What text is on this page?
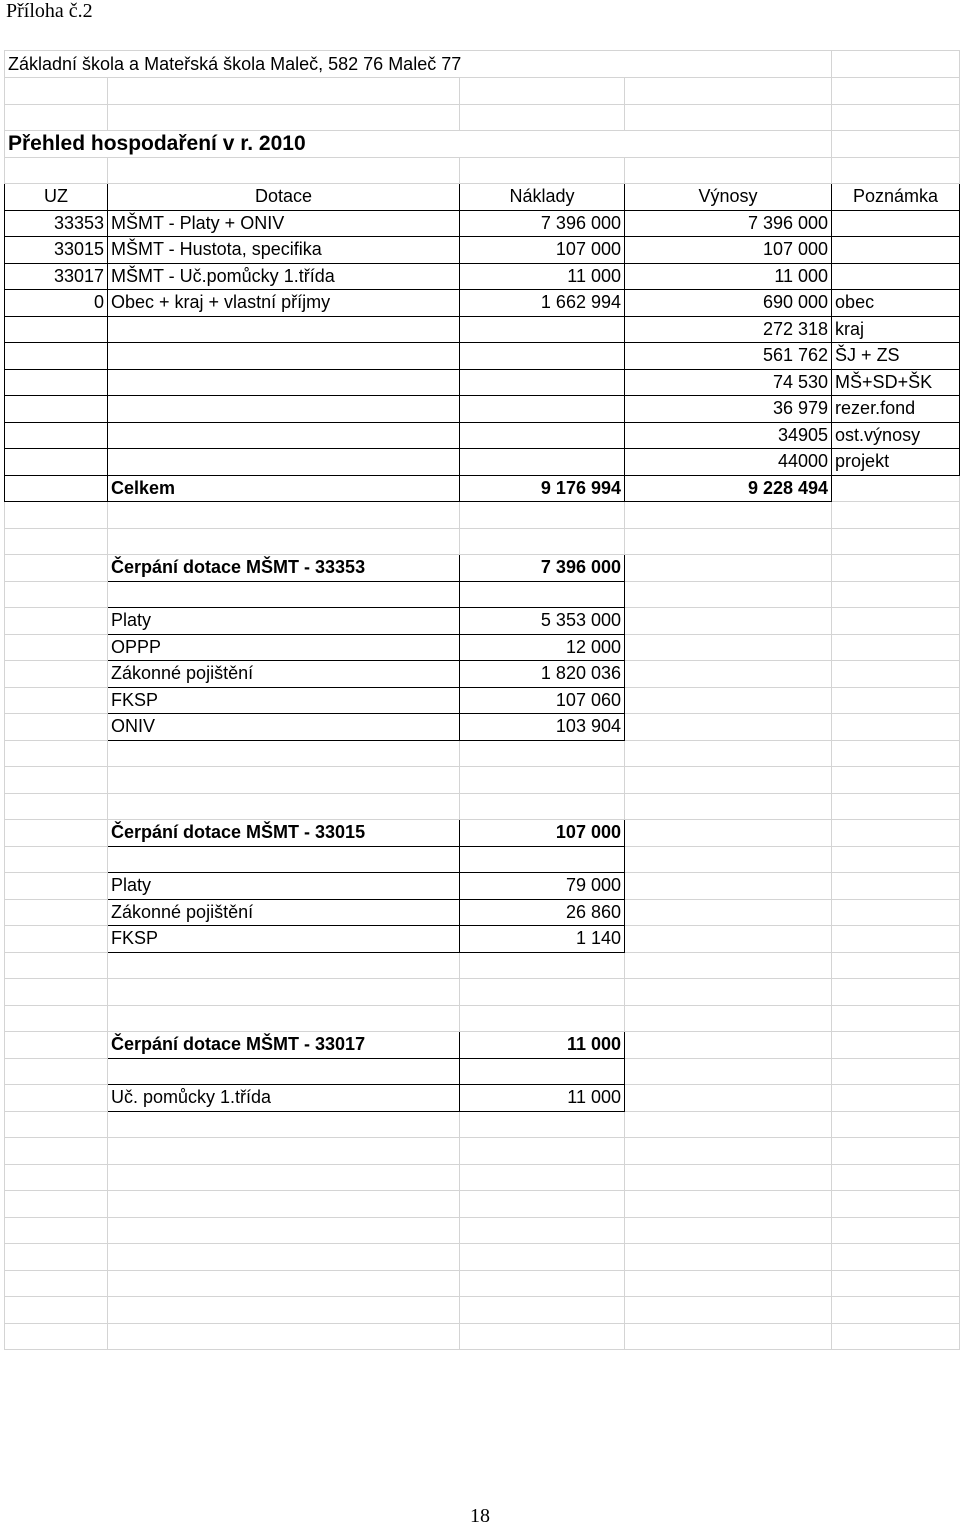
Příloha č.2
Základní škola a Mateřská škola Maleč, 582 76 Maleč 77				

Přehled hospodaření v r. 2010				

UZ	Dotace	Náklady	Výnosy	Poznámka
33353	MŠMT - Platy + ONIV	7 396 000	7 396 000	
33015	MŠMT - Hustota, specifika	107 000	107 000	
33017	MŠMT - Uč.pomůcky 1.třída	11 000	11 000	
0	Obec + kraj + vlastní příjmy	1 662 994	690 000	obec
			272 318	kraj
			561 762	ŠJ + ZS
			74 530	MŠ+SD+ŠK
			36 979	rezer.fond
			34905	ost.výnosy
			44000	projekt
	Celkem	9 176 994	9 228 494	

	Čerpání dotace MŠMT - 33353	7 396 000		

	Platy	5 353 000		
	OPPP	12 000		
	Zákonné pojištění	1 820 036		
	FKSP	107 060		
	ONIV	103 904		

	Čerpání dotace MŠMT - 33015	107 000		

	Platy	79 000		
	Zákonné pojištění	26 860		
	FKSP	1 140		

	Čerpání dotace MŠMT - 33017	11 000		

	Uč. pomůcky 1.třída	11 000		

18
